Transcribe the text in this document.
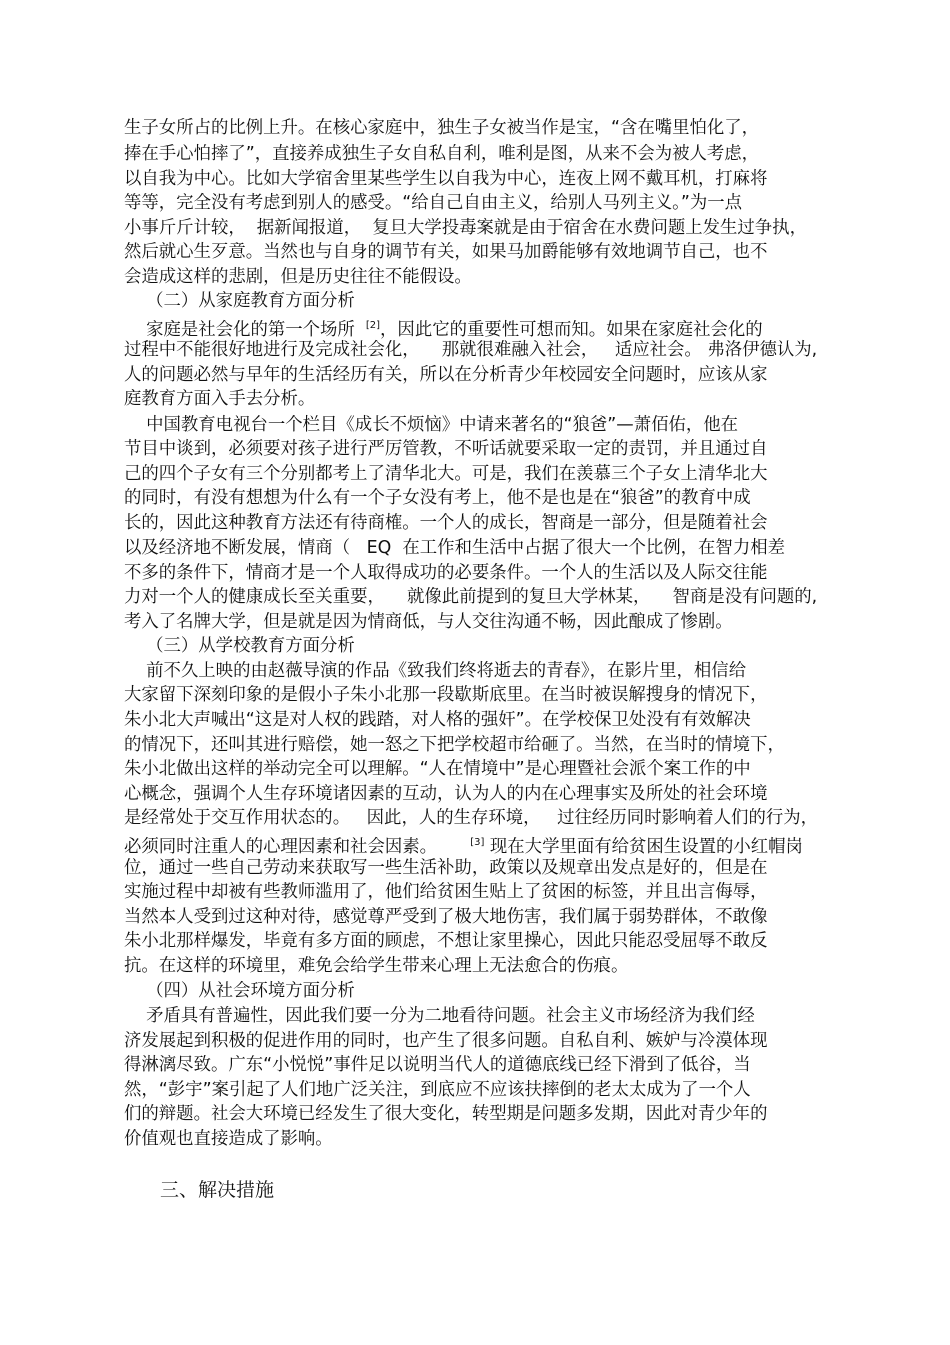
生子女所占的比例上升。在核心家庭中，独生子女被当作是宝，“含在嘴里怕化了，
捧在手心怕摔了”，直接养成独生子女自私自利，唯利是图，从来不会为被人考虑，
以自我为中心。比如大学宿舍里某些学生以自我为中心，连夜上网不戴耳机，打麻将
等等，完全没有考虑到别人的感受。“给自己自由主义，给别人马列主义。”为一点
小事斤斤计较，  据新闻报道，  复旦大学投毒案就是由于宿舍在水费问题上发生过争执，
然后就心生歹意。当然也与自身的调节有关，如果马加爵能够有效地调节自己，也不
会造成这样的悲剧，但是历史往往不能假设。
（二）从家庭教育方面分析
家庭是社会化的第一个场所  [2]，因此它的重要性可想而知。如果在家庭社会化的
过程中不能很好地进行及完成社会化，    那就很难融入社会，   适应社会。 弗洛伊德认为,
人的问题必然与早年的生活经历有关，所以在分析青少年校园安全问题时，应该从家
庭教育方面入手去分析。
中国教育电视台一个栏目《成长不烦恼》中请来著名的“狼爸”—萧佰佑，他在
节目中谈到，必须要对孩子进行严厉管教，不听话就要采取一定的责罚，并且通过自
己的四个子女有三个分别都考上了清华北大。可是，我们在羡慕三个子女上清华北大
的同时，有没有想想为什么有一个子女没有考上，他不是也是在“狼爸”的教育中成
长的，因此这种教育方法还有待商榷。一个人的成长，智商是一部分，但是随着社会
以及经济地不断发展，情商（   EQ  在工作和生活中占据了很大一个比例，在智力相差
不多的条件下，情商才是一个人取得成功的必要条件。一个人的生活以及人际交往能
力对一个人的健康成长至关重要，    就像此前提到的复旦大学林某，    智商是没有问题的,
考入了名牌大学，但是就是因为情商低，与人交往沟通不畅，因此酿成了惨剧。
（三）从学校教育方面分析
前不久上映的由赵薇导演的作品《致我们终将逝去的青春》，在影片里，相信给
大家留下深刻印象的是假小子朱小北那一段歇斯底里。在当时被误解搜身的情况下，
朱小北大声喊出“这是对人权的践踏，对人格的强奸”。在学校保卫处没有有效解决
的情况下，还叫其进行赔偿，她一怒之下把学校超市给砸了。当然，在当时的情境下，
朱小北做出这样的举动完全可以理解。“人在情境中”是心理暨社会派个案工作的中
心概念，强调个人生存环境诸因素的互动，认为人的内在心理事实及所处的社会环境
是经常处于交互作用状态的。   因此，人的生存环境，   过往经历同时影响着人们的行为，
必须同时注重人的心理因素和社会因素。      [3] 现在大学里面有给贫困生设置的小红帽岗
位，通过一些自己劳动来获取写一些生活补助，政策以及规章出发点是好的，但是在
实施过程中却被有些教师滥用了，他们给贫困生贴上了贫困的标签，并且出言侮辱，
当然本人受到过这种对待，感觉尊严受到了极大地伤害，我们属于弱势群体，不敢像
朱小北那样爆发，毕竟有多方面的顾虑，不想让家里操心，因此只能忍受屈辱不敢反
抗。在这样的环境里，难免会给学生带来心理上无法愈合的伤痕。
（四）从社会环境方面分析
矛盾具有普遍性，因此我们要一分为二地看待问题。社会主义市场经济为我们经
济发展起到积极的促进作用的同时，也产生了很多问题。自私自利、嫉妒与冷漠体现
得淋漓尽致。广东“小悦悦”事件足以说明当代人的道德底线已经下滑到了低谷，当
然，“彭宇”案引起了人们地广泛关注，到底应不应该扶摔倒的老太太成为了一个人
们的辩题。社会大环境已经发生了很大变化，转型期是问题多发期，因此对青少年的
价值观也直接造成了影响。
三、解决措施
